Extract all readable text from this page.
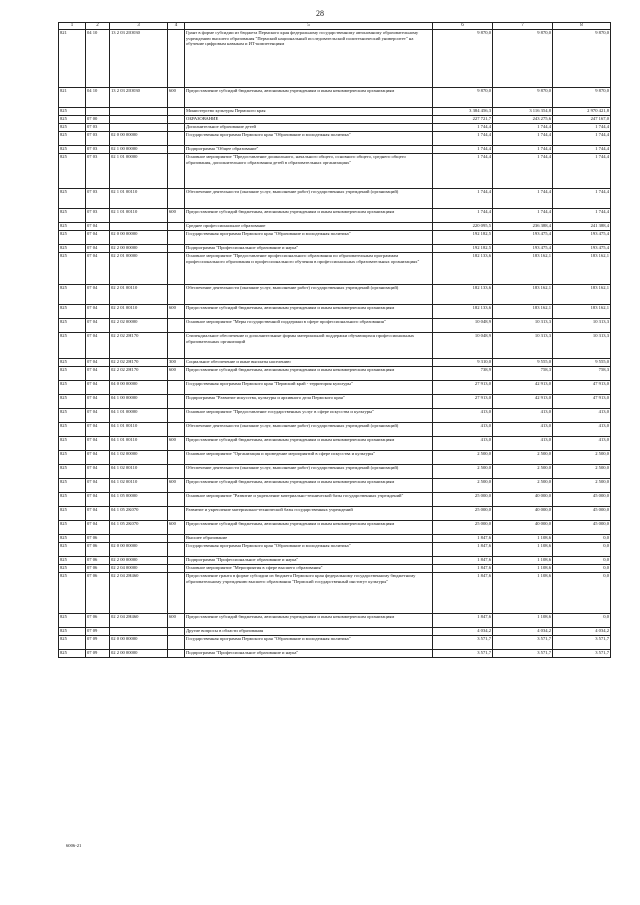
28
1	2	3	4	5	6	7	8
821	04 10	13 2 03 2IO030		Грант в форме субсидии из бюджета Пермского края федеральному государственному автономному образовательному учреждению высшего образования "Пермский национальный исследовательский политехнический университет" на обучение цифровым навыкам и ИТ-компетенциям	9 870,0	9 870,0	9 870,0
821	04 10	13 2 03 2IO030	600	Предоставление субсидий бюджетным, автономным учреждениям и иным некоммерческим организациям	9 870,0	9 870,0	9 870,0
825				Министерство культуры Пермского края	3 384 456,3	3 116 354,8	2 970 421,8
825	07 00			ОБРАЗОВАНИЕ	227 721,7	243 275,6	247 167,0
825	07 03			Дополнительное образование детей	1 744,4	1 744,4	1 744,4
825	07 03	02 0 00 00000		Государственная программа Пермского края "Образование и молодежная политика"	1 744,4	1 744,4	1 744,4
825	07 03	02 1 00 00000		Подпрограмма "Общее образование"	1 744,4	1 744,4	1 744,4
825	07 03	02 1 01 00000		Основное мероприятие "Предоставление дошкольного, начального общего, основного общего, среднего общего образования, дополнительного образования детей в образовательных организациях"	1 744,4	1 744,4	1 744,4
825	07 03	02 1 01 00110		Обеспечение деятельности (оказание услуг, выполнение работ) государственных учреждений (организаций)	1 744,4	1 744,4	1 744,4
825	07 03	02 1 01 00110	600	Предоставление субсидий бюджетным, автономным учреждениям и иным некоммерческим организациям	1 744,4	1 744,4	1 744,4
825	07 04			Среднее профессиональное образование	220 095,5	236 388,4	241 388,4
825	07 04	02 0 00 00000		Государственная программа Пермского края "Образование и молодежная политика"	192 182,5	193 475,4	193 475,4
825	07 04	02 2 00 00000		Подпрограмма "Профессиональное образование и наука"	192 182,5	193 475,4	193 475,4
825	07 04	02 2 01 00000		Основное мероприятие "Предоставление профессионального образования по образовательным программам профессионального образования и профессионального обучения в профессиональных образовательных организациях"	182 133,6	183 162,1	183 162,1
825	07 04	02 2 01 00110		Обеспечение деятельности (оказание услуг, выполнение работ) государственных учреждений (организаций)	182 133,6	183 162,1	183 162,1
825	07 04	02 2 01 00110	600	Предоставление субсидий бюджетным, автономным учреждениям и иным некоммерческим организациям	182 133,6	183 162,1	183 162,1
825	07 04	02 2 02 00000		Основное мероприятие "Меры государственной поддержки в сфере профессионального образования"	10 048,9	10 313,3	10 313,3
825	07 04	02 2 02 2H170		Стипендиальное обеспечение и дополнительные формы материальной поддержки обучающихся профессиональных образовательных организаций	10 048,9	10 313,3	10 313,3
825	07 04	02 2 02 2H170	300	Социальное обеспечение и иные выплаты населению	9 310,0	9 555,0	9 555,0
825	07 04	02 2 02 2H170	600	Предоставление субсидий бюджетным, автономным учреждениям и иным некоммерческим организациям	738,9	758,3	758,3
825	07 04	04 0 00 00000		Государственная программа Пермского края "Пермский край - территория культуры"	27 913,0	42 913,0	47 913,0
825	07 04	04 1 00 00000		Подпрограмма "Развитие искусства, культуры и архивного дела Пермского края"	27 913,0	42 913,0	47 913,0
825	07 04	04 1 01 00000		Основное мероприятие "Предоставление государственных услуг в сфере искусства и культуры"	413,0	413,0	413,0
825	07 04	04 1 01 00110		Обеспечение деятельности (оказание услуг, выполнение работ) государственных учреждений (организаций)	413,0	413,0	413,0
825	07 04	04 1 01 00110	600	Предоставление субсидий бюджетным, автономным учреждениям и иным некоммерческим организациям	413,0	413,0	413,0
825	07 04	04 1 02 00000		Основное мероприятие "Организация и проведение мероприятий в сфере искусства и культуры"	2 500,0	2 500,0	2 500,0
825	07 04	04 1 02 00110		Обеспечение деятельности (оказание услуг, выполнение работ) государственных учреждений (организаций)	2 500,0	2 500,0	2 500,0
825	07 04	04 1 02 00110	600	Предоставление субсидий бюджетным, автономным учреждениям и иным некоммерческим организациям	2 500,0	2 500,0	2 500,0
825	07 04	04 1 05 00000		Основное мероприятие "Развитие и укрепление материально-технической базы государственных учреждений"	25 000,0	40 000,0	45 000,0
825	07 04	04 1 05 2K070		Развитие и укрепление материально-технической базы государственных учреждений	25 000,0	40 000,0	45 000,0
825	07 04	04 1 05 2K070	600	Предоставление субсидий бюджетным, автономным учреждениям и иным некоммерческим организациям	25 000,0	40 000,0	45 000,0
825	07 06			Высшее образование	1 847,6	1 108,6	0,0
825	07 06	02 0 00 00000		Государственная программа Пермского края "Образование и молодежная политика"	1 847,6	1 108,6	0,0
825	07 06	02 2 00 00000		Подпрограмма "Профессиональное образование и наука"	1 847,6	1 108,6	0,0
825	07 06	02 2 04 00000		Основное мероприятие "Мероприятия в сфере высшего образования"	1 847,6	1 108,6	0,0
825	07 06	02 2 04 2H460		Предоставление гранта в форме субсидии из бюджета Пермского края федеральному государственному бюджетному образовательному учреждению высшего образования "Пермский государственный институт культуры"	1 847,6	1 108,6	0,0
825	07 06	02 2 04 2H460	600	Предоставление субсидий бюджетным, автономным учреждениям и иным некоммерческим организациям	1 847,6	1 108,6	0,0
825	07 09			Другие вопросы в области образования	4 034,2	4 034,2	4 034,2
825	07 09	02 0 00 00000		Государственная программа Пермского края "Образование и молодежная политика"	3 571,7	3 571,7	3 571,7
825	07 09	02 2 00 00000		Подпрограмма "Профессиональное образование и наука"	3 571,7	3 571,7	3 571,7
6006-21
